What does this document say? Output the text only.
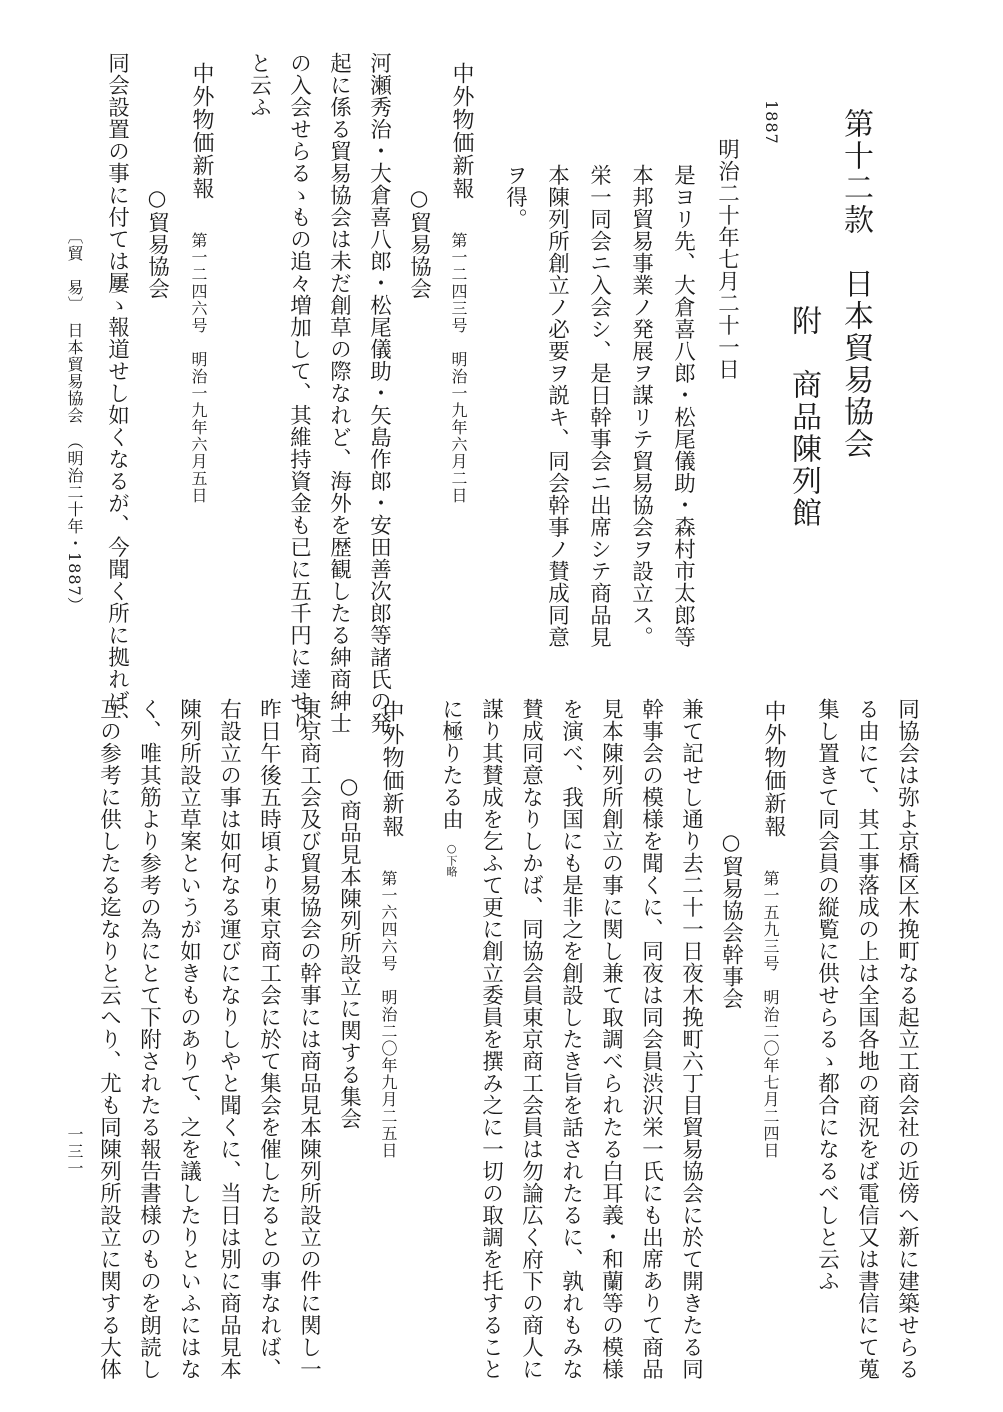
第十二款　日本貿易協会
附　商品陳列館
1887
明治二十年七月二十一日
是ヨリ先、大倉喜八郎・松尾儀助・森村市太郎等
本邦貿易事業ノ発展ヲ謀リテ貿易協会ヲ設立ス。
栄一同会ニ入会シ、是日幹事会ニ出席シテ商品見
本陳列所創立ノ必要ヲ説キ、同会幹事ノ賛成同意
ヲ得。
中外物価新報
第一二四三号　明治一九年六月二日
○貿易協会
河瀬秀治・大倉喜八郎・松尾儀助・矢島作郎・安田善次郎等諸氏の発
起に係る貿易協会は未だ創草の際なれど、海外を歴観したる紳商紳士
の入会せらるゝもの追々増加して、其維持資金も已に五千円に達せり
と云ふ
中外物価新報
第一二四六号　明治一九年六月五日
○貿易協会
同会設置の事に付ては屢ゝ報道せし如くなるが、今聞く所に拠れば、
〔貿　易〕　日本貿易協会　（明治二十年・1887）
同協会は弥よ京橋区木挽町なる起立工商会社の近傍へ新に建築せらる
る由にて、其工事落成の上は全国各地の商況をば電信又は書信にて蒐
集し置きて同会員の縦覧に供せらるゝ都合になるべしと云ふ
中外物価新報
第一五九三号　明治二〇年七月二四日
○貿易協会幹事会
兼て記せし通り去二十一日夜木挽町六丁目貿易協会に於て開きたる同
幹事会の模様を聞くに、同夜は同会員渋沢栄一氏にも出席ありて商品
見本陳列所創立の事に関し兼て取調べられたる白耳義・和蘭等の模様
を演べ、我国にも是非之を創設したき旨を話されたるに、孰れもみな
賛成同意なりしかば、同協会員東京商工会員は勿論広く府下の商人に
謀り其賛成を乞ふて更に創立委員を撰み之に一切の取調を托すること
に極りたる由
○下略
中外物価新報
第一六四六号　明治二〇年九月二五日
○商品見本陳列所設立に関する集会
東京商工会及び貿易協会の幹事には商品見本陳列所設立の件に関し一
昨日午後五時頃より東京商工会に於て集会を催したるとの事なれば、
右設立の事は如何なる運びになりしやと聞くに、当日は別に商品見本
陳列所設立草案というが如きものありて、之を議したりといふにはな
く、唯其筋より参考の為にとて下附されたる報告書様のものを朗読し
互の参考に供したる迄なりと云へり、尤も同陳列所設立に関する大体
一三一
